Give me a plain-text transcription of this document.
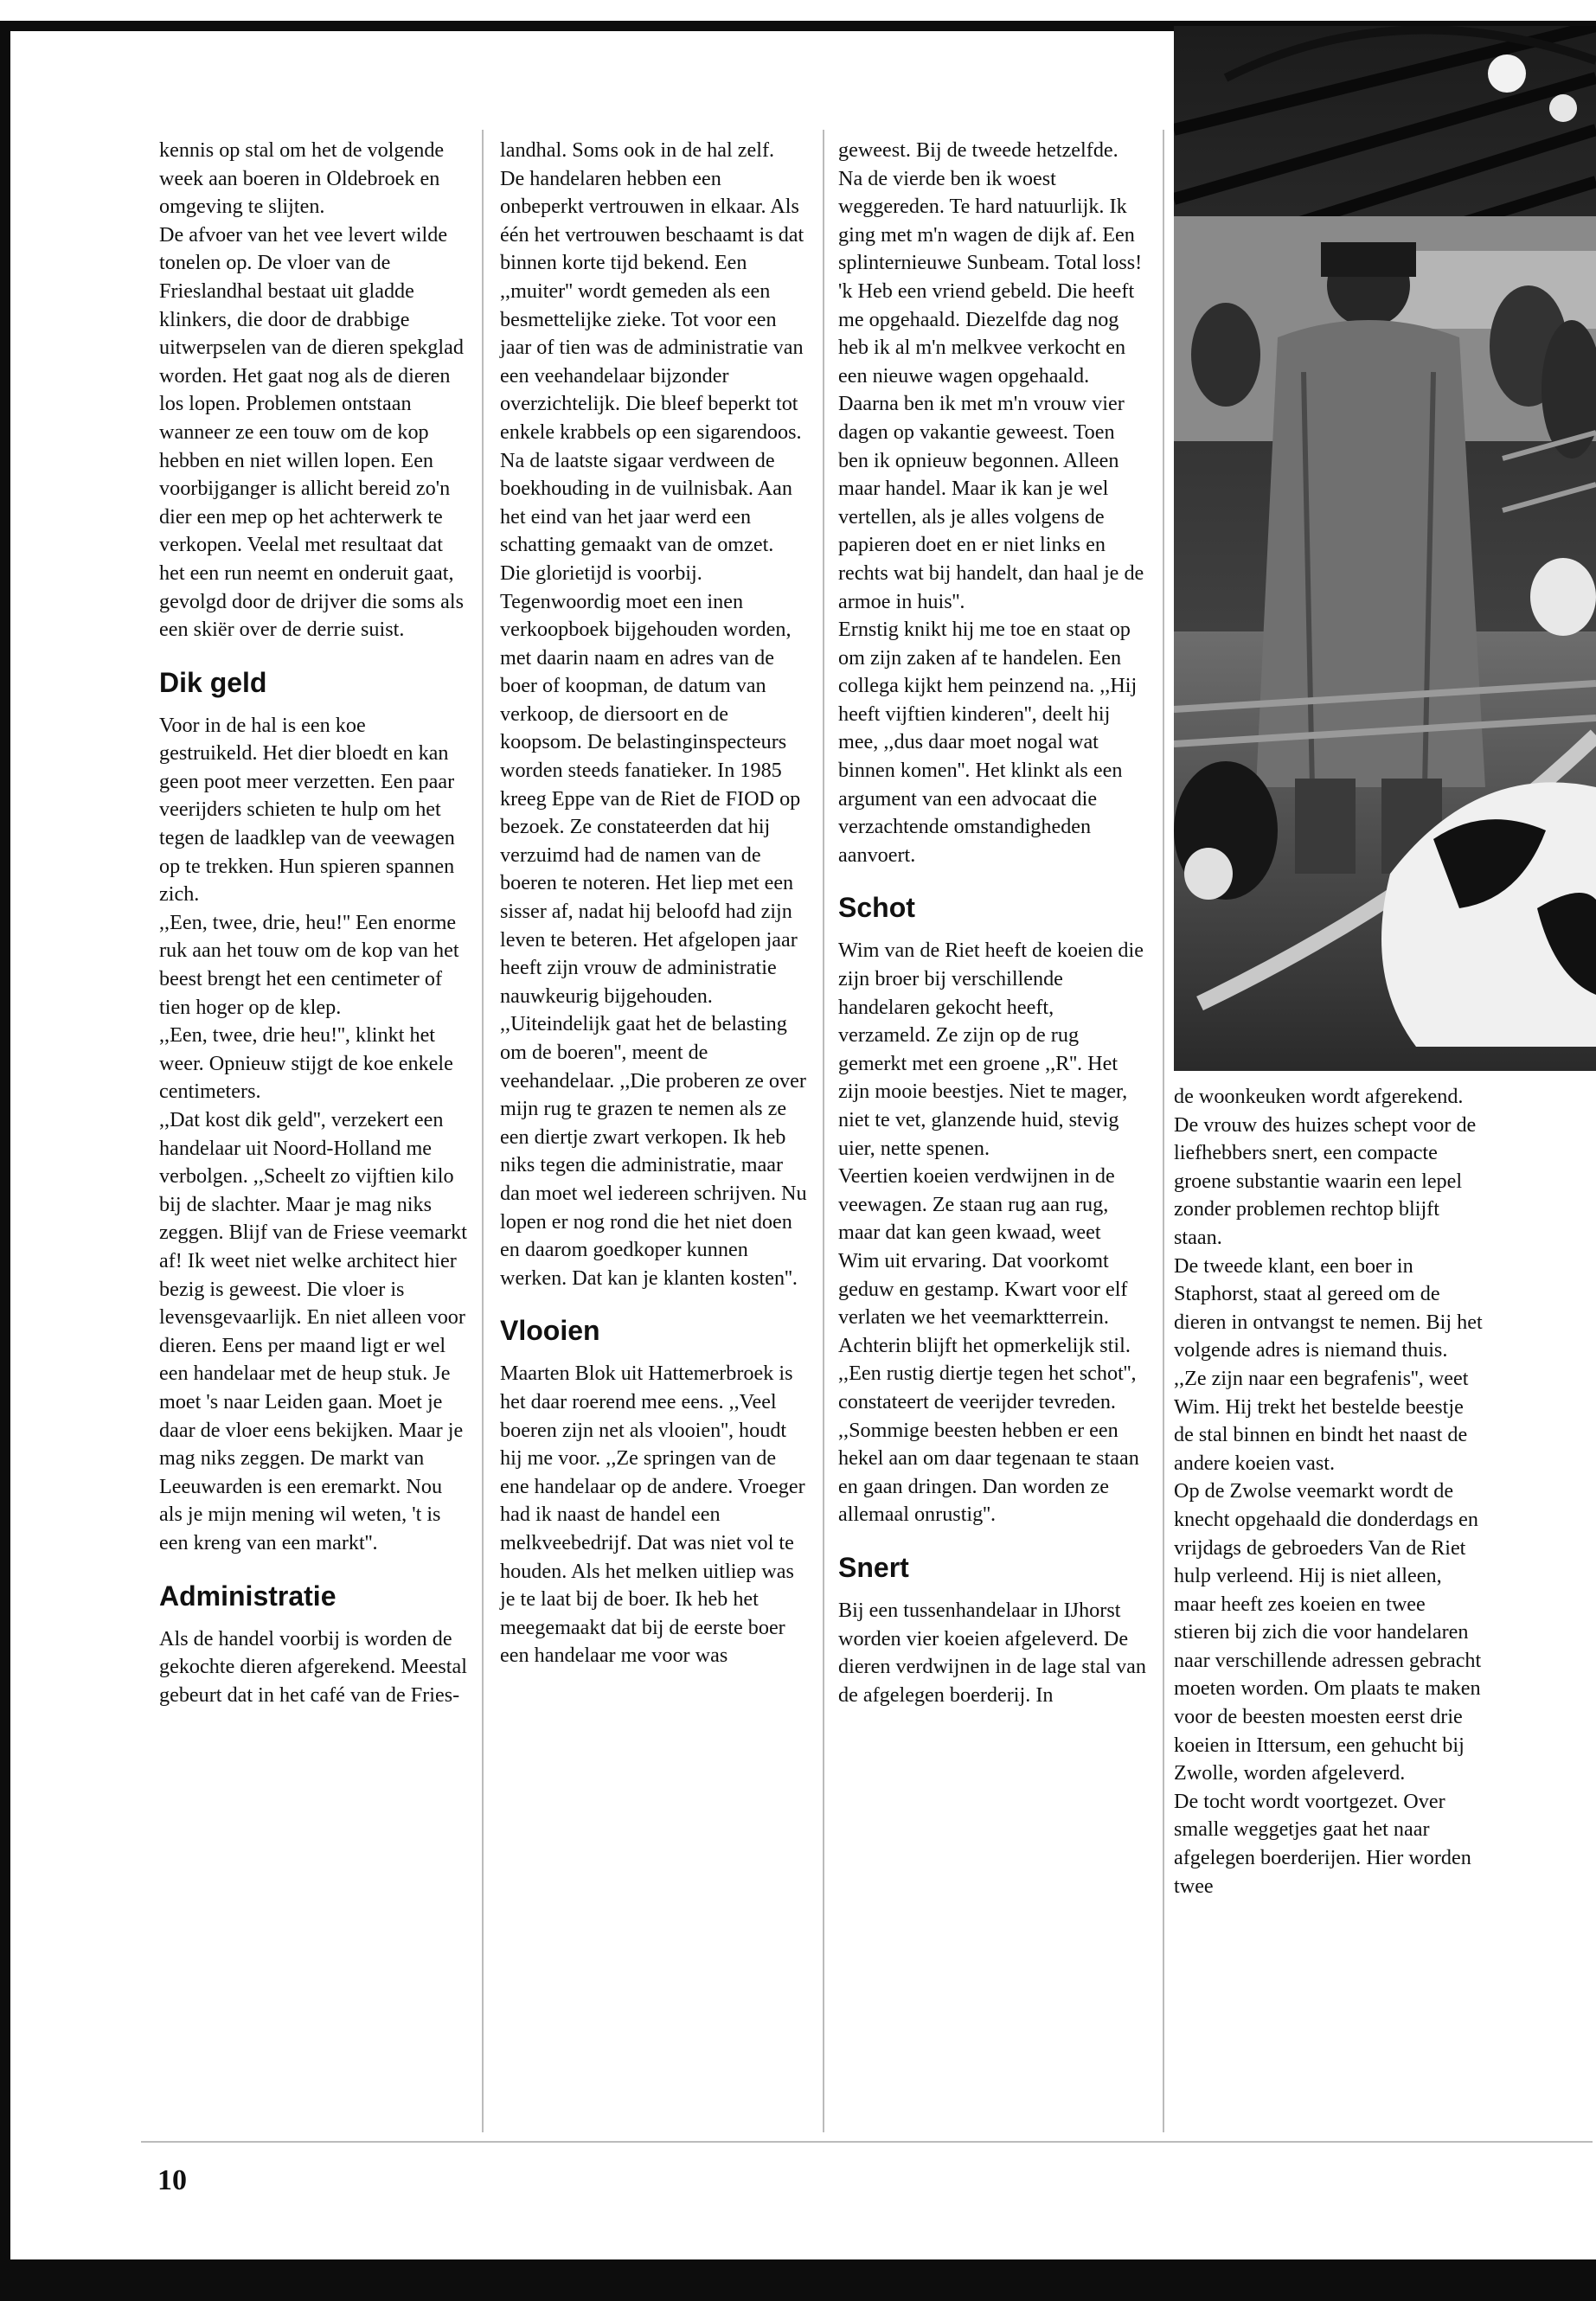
kennis op stal om het de volgende week aan boeren in Oldebroek en omgeving te slijten.

De afvoer van het vee levert wilde tonelen op. De vloer van de Frieslandhal bestaat uit gladde klinkers, die door de drabbige uitwerpselen van de dieren spekglad worden. Het gaat nog als de dieren los lopen. Problemen ontstaan wanneer ze een touw om de kop hebben en niet willen lopen. Een voorbijganger is allicht bereid zo'n dier een mep op het achterwerk te verkopen. Veelal met resultaat dat het een run neemt en onderuit gaat, gevolgd door de drijver die soms als een skiër over de derrie suist.

Dik geld

Voor in de hal is een koe gestruikeld. Het dier bloedt en kan geen poot meer verzetten. Een paar veerijders schieten te hulp om het tegen de laadklep van de veewagen op te trekken. Hun spieren spannen zich.

,,Een, twee, drie, heu!'' Een enorme ruk aan het touw om de kop van het beest brengt het een centimeter of tien hoger op de klep.

,,Een, twee, drie heu!'', klinkt het weer. Opnieuw stijgt de koe enkele centimeters.

,,Dat kost dik geld'', verzekert een handelaar uit Noord-Holland me verbolgen. ,,Scheelt zo vijftien kilo bij de slachter. Maar je mag niks zeggen. Blijf van de Friese veemarkt af! Ik weet niet welke architect hier bezig is geweest. Die vloer is levensgevaarlijk. En niet alleen voor dieren. Eens per maand ligt er wel een handelaar met de heup stuk. Je moet 's naar Leiden gaan. Moet je daar de vloer eens bekijken. Maar je mag niks zeggen. De markt van Leeuwarden is een eremarkt. Nou als je mijn mening wil weten, 't is een kreng van een markt''.

Administratie

Als de handel voorbij is worden de gekochte dieren afgerekend. Meestal gebeurt dat in het café van de Fries-

landhal. Soms ook in de hal zelf.

De handelaren hebben een onbeperkt vertrouwen in elkaar. Als één het vertrouwen beschaamt is dat binnen korte tijd bekend. Een ,,muiter'' wordt gemeden als een besmettelijke zieke. Tot voor een jaar of tien was de administratie van een veehandelaar bijzonder overzichtelijk. Die bleef beperkt tot enkele krabbels op een sigarendoos. Na de laatste sigaar verdween de boekhouding in de vuilnisbak. Aan het eind van het jaar werd een schatting gemaakt van de omzet.

Die glorietijd is voorbij. Tegenwoordig moet een inen verkoopboek bijgehouden worden, met daarin naam en adres van de boer of koopman, de datum van verkoop, de diersoort en de koopsom. De belastinginspecteurs worden steeds fanatieker. In 1985 kreeg Eppe van de Riet de FIOD op bezoek. Ze constateerden dat hij verzuimd had de namen van de boeren te noteren. Het liep met een sisser af, nadat hij beloofd had zijn leven te beteren. Het afgelopen jaar heeft zijn vrouw de administratie nauwkeurig bijgehouden.

,,Uiteindelijk gaat het de belasting om de boeren'', meent de veehandelaar. ,,Die proberen ze over mijn rug te grazen te nemen als ze een diertje zwart verkopen. Ik heb niks tegen die administratie, maar dan moet wel iedereen schrijven. Nu lopen er nog rond die het niet doen en daarom goedkoper kunnen werken. Dat kan je klanten kosten''.

Vlooien

Maarten Blok uit Hattemerbroek is het daar roerend mee eens. ,,Veel boeren zijn net als vlooien'', houdt hij me voor. ,,Ze springen van de ene handelaar op de andere. Vroeger had ik naast de handel een melkveebedrijf. Dat was niet vol te houden. Als het melken uitliep was je te laat bij de boer. Ik heb het meegemaakt dat bij de eerste boer een handelaar me voor was

geweest. Bij de tweede hetzelfde. Na de vierde ben ik woest weggereden. Te hard natuurlijk. Ik ging met m'n wagen de dijk af. Een splinternieuwe Sunbeam. Total loss!

'k Heb een vriend gebeld. Die heeft me opgehaald. Diezelfde dag nog heb ik al m'n melkvee verkocht en een nieuwe wagen opgehaald. Daarna ben ik met m'n vrouw vier dagen op vakantie geweest. Toen ben ik opnieuw begonnen. Alleen maar handel. Maar ik kan je wel vertellen, als je alles volgens de papieren doet en er niet links en rechts wat bij handelt, dan haal je de armoe in huis''.

Ernstig knikt hij me toe en staat op om zijn zaken af te handelen. Een collega kijkt hem peinzend na. ,,Hij heeft vijftien kinderen'', deelt hij mee, ,,dus daar moet nogal wat binnen komen''. Het klinkt als een argument van een advocaat die verzachtende omstandigheden aanvoert.

Schot

Wim van de Riet heeft de koeien die zijn broer bij verschillende handelaren gekocht heeft, verzameld. Ze zijn op de rug gemerkt met een groene ,,R''. Het zijn mooie beestjes. Niet te mager, niet te vet, glanzende huid, stevig uier, nette spenen.

Veertien koeien verdwijnen in de veewagen. Ze staan rug aan rug, maar dat kan geen kwaad, weet Wim uit ervaring. Dat voorkomt geduw en gestamp. Kwart voor elf verlaten we het veemarktterrein. Achterin blijft het opmerkelijk stil.

,,Een rustig diertje tegen het schot'', constateert de veerijder tevreden. ,,Sommige beesten hebben er een hekel aan om daar tegenaan te staan en gaan dringen. Dan worden ze allemaal onrustig''.

Snert

Bij een tussenhandelaar in IJhorst worden vier koeien afgeleverd. De dieren verdwijnen in de lage stal van de afgelegen boerderij. In

de woonkeuken wordt afgerekend. De vrouw des huizes schept voor de liefhebbers snert, een compacte groene substantie waarin een lepel zonder problemen rechtop blijft staan.

De tweede klant, een boer in Staphorst, staat al gereed om de dieren in ontvangst te nemen. Bij het volgende adres is niemand thuis. ,,Ze zijn naar een begrafenis'', weet Wim. Hij trekt het bestelde beestje de stal binnen en bindt het naast de andere koeien vast.

Op de Zwolse veemarkt wordt de knecht opgehaald die donderdags en vrijdags de gebroeders Van de Riet hulp verleend. Hij is niet alleen, maar heeft zes koeien en twee stieren bij zich die voor handelaren naar verschillende adressen gebracht moeten worden. Om plaats te maken voor de beesten moesten eerst drie koeien in Ittersum, een gehucht bij Zwolle, worden afgeleverd.

De tocht wordt voortgezet. Over smalle weggetjes gaat het naar afgelegen boerderijen. Hier worden twee

10
